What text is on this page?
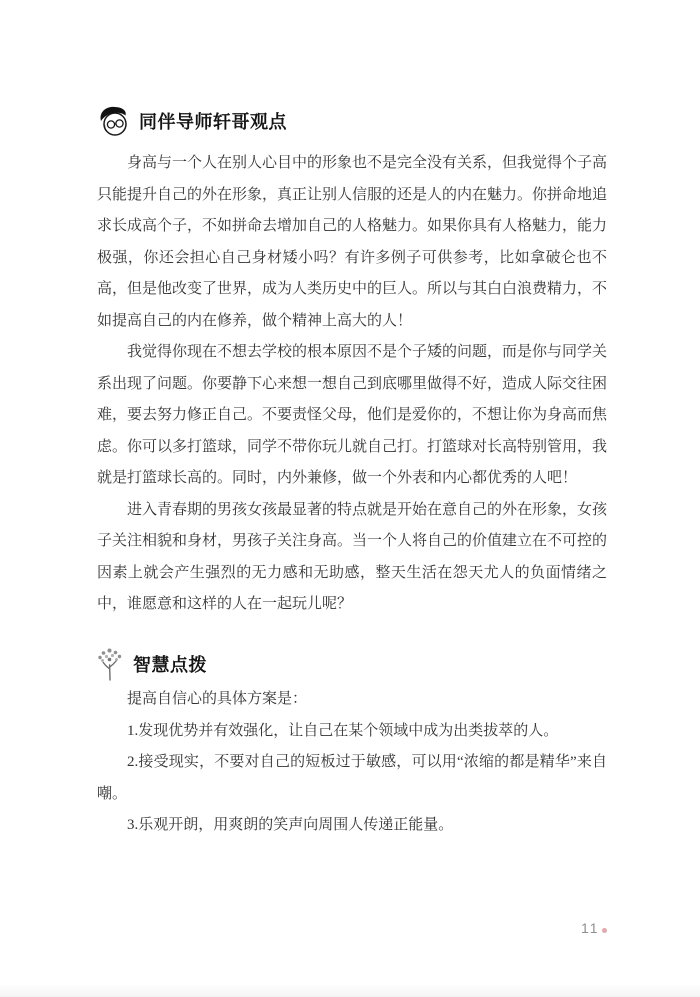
同伴导师轩哥观点

身高与一个人在别人心目中的形象也不是完全没有关系，但我觉得个子高只能提升自己的外在形象，真正让别人信服的还是人的内在魅力。你拼命地追求长成高个子，不如拼命去增加自己的人格魅力。如果你具有人格魅力，能力极强，你还会担心自己身材矮小吗？有许多例子可供参考，比如拿破仑也不高，但是他改变了世界，成为人类历史中的巨人。所以与其白白浪费精力，不如提高自己的内在修养，做个精神上高大的人！

我觉得你现在不想去学校的根本原因不是个子矮的问题，而是你与同学关系出现了问题。你要静下心来想一想自己到底哪里做得不好，造成人际交往困难，要去努力修正自己。不要责怪父母，他们是爱你的，不想让你为身高而焦虑。你可以多打篮球，同学不带你玩儿就自己打。打篮球对长高特别管用，我就是打篮球长高的。同时，内外兼修，做一个外表和内心都优秀的人吧！

进入青春期的男孩女孩最显著的特点就是开始在意自己的外在形象，女孩子关注相貌和身材，男孩子关注身高。当一个人将自己的价值建立在不可控的因素上就会产生强烈的无力感和无助感，整天生活在怨天尤人的负面情绪之中，谁愿意和这样的人在一起玩儿呢？

智慧点拨

提高自信心的具体方案是：

1.发现优势并有效强化，让自己在某个领域中成为出类拔萃的人。

2.接受现实，不要对自己的短板过于敏感，可以用“浓缩的都是精华”来自嘲。

3.乐观开朗，用爽朗的笑声向周围人传递正能量。

11
